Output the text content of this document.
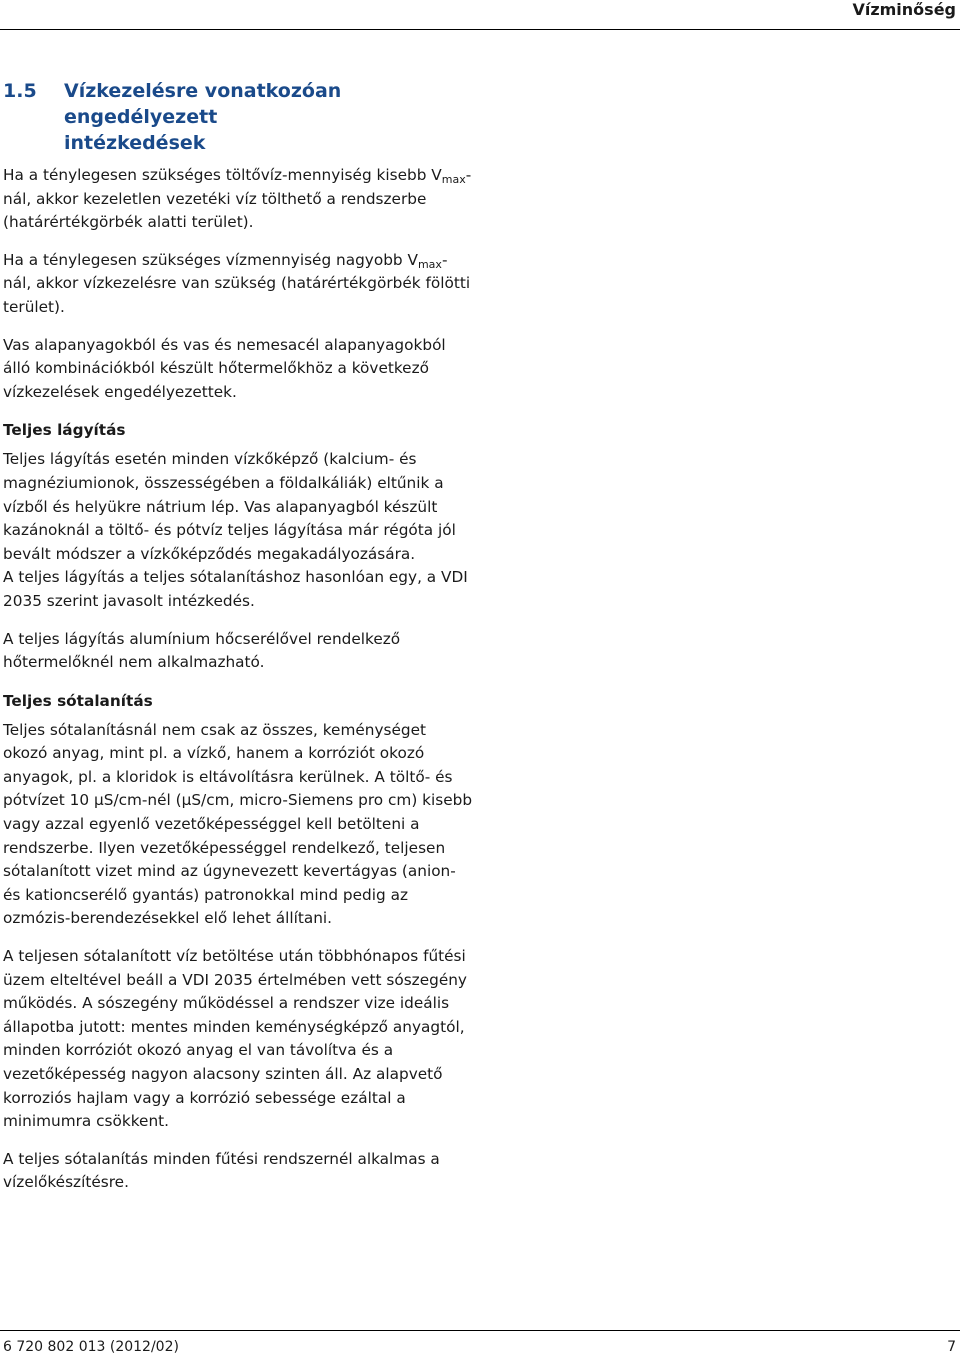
Vízminőség
1.5	Vízkezelésre vonatkozóan engedélyezett intézkedések

Ha a ténylegesen szükséges töltővíz-mennyiség kisebb $V_{max}$-nál, akkor kezeletlen vezetéki víz tölthető a rendszerbe (határértékgörbék alatti terület).

Ha a ténylegesen szükséges vízmennyiség nagyobb $V_{max}$-nál, akkor vízkezelésre van szükség (határértékgörbék fölötti terület).

Vas alapanyagokból és vas és nemesacél alapanyagokból álló kombinációkból készült hőtermelőkhöz a következő vízkezelések engedélyezettek.

Teljes lágyítás

Teljes lágyítás esetén minden vízkőképző (kalcium- és magnéziumionok, összességében a földalkáliák) eltűnik a vízből és helyükre nátrium lép. Vas alapanyagból készült kazánoknál a töltő- és pótvíz teljes lágyítása már régóta jól bevált módszer a vízkőképződés megakadályozására.

A teljes lágyítás a teljes sótalanításhoz hasonlóan egy, a VDI 2035 szerint javasolt intézkedés.

A teljes lágyítás alumínium hőcserélővel rendelkező hőtermelőknél nem alkalmazható.

Teljes sótalanítás

Teljes sótalanításnál nem csak az összes, keménységet okozó anyag, mint pl. a vízkő, hanem a korróziót okozó anyagok, pl. a kloridok is eltávolításra kerülnek. A töltő- és pótvízet 10 µS/cm-nél (µS/cm, micro-Siemens pro cm) kisebb vagy azzal egyenlő vezetőképességgel kell betölteni a rendszerbe. Ilyen vezetőképességgel rendelkező, teljesen sótalanított vizet mind az úgynevezett kevertágyas (anion- és kationcserélő gyantás) patronokkal mind pedig az ozmózis-berendezésekkel elő lehet állítani.

A teljesen sótalanított víz betöltése után többhónapos fűtési üzem elteltével beáll a VDI 2035 értelmében vett sószegény működés. A sószegény működéssel a rendszer vize ideális állapotba jutott: mentes minden keménységképző anyagtól, minden korróziót okozó anyag el van távolítva és a vezetőképesség nagyon alacsony szinten áll. Az alapvető korroziós hajlam vagy a korrózió sebessége ezáltal a minimumra csökkent.

A teljes sótalanítás minden fűtési rendszernél alkalmas a vízelőkészítésre.

6 720 802 013 (2012/02)	7
